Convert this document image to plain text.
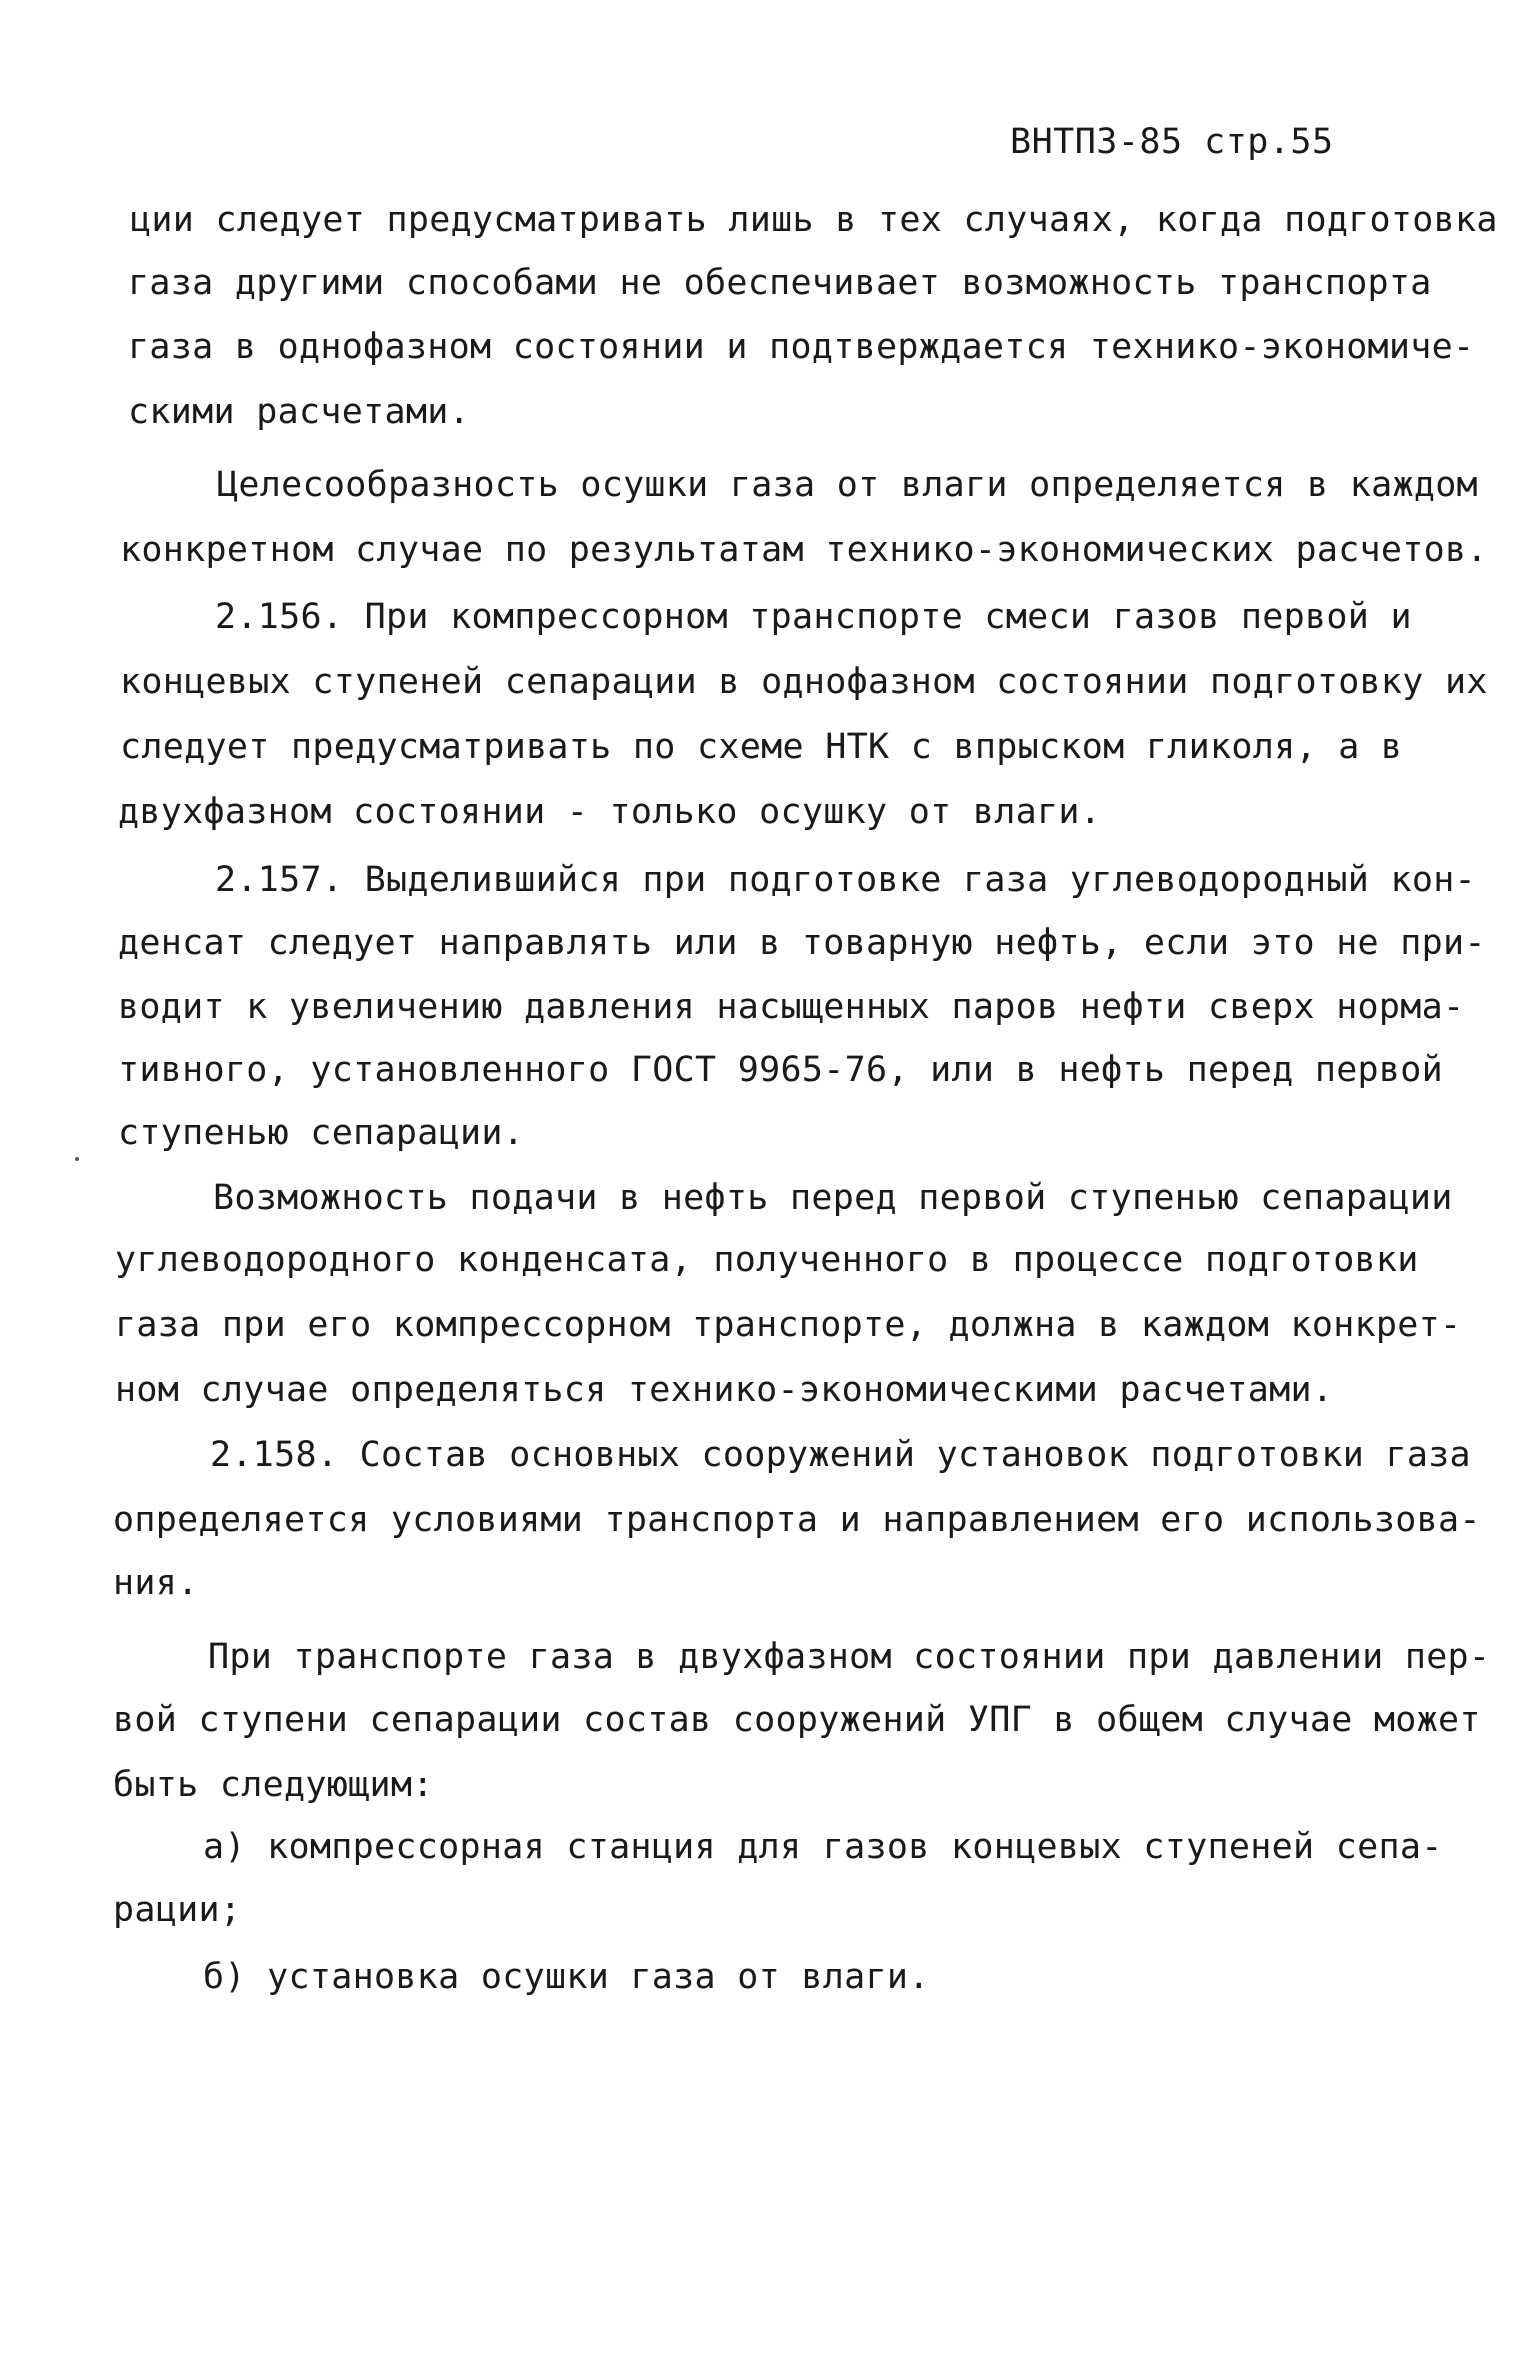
ВНТП3-85 стр.55
ции следует предусматривать лишь в тех случаях, когда подготовка
газа другими способами не обеспечивает возможность транспорта
газа в однофазном состоянии и подтверждается технико-экономиче-
скими расчетами.
Целесообразность осушки газа от влаги определяется в каждом
конкретном случае по результатам технико-экономических расчетов.
2.156. При компрессорном транспорте смеси газов первой и
концевых ступеней сепарации в однофазном состоянии подготовку их
следует предусматривать по схеме НТК с впрыском гликоля, а в
двухфазном состоянии - только осушку от влаги.
2.157. Выделившийся при подготовке газа углеводородный кон-
денсат следует направлять или в товарную нефть, если это не при-
водит к увеличению давления насыщенных паров нефти сверх норма-
тивного, установленного ГОСТ 9965-76, или в нефть перед первой
ступенью сепарации.
Возможность подачи в нефть перед первой ступенью сепарации
углеводородного конденсата, полученного в процессе подготовки
газа при его компрессорном транспорте, должна в каждом конкрет-
ном случае определяться технико-экономическими расчетами.
2.158. Состав основных сооружений установок подготовки газа
определяется условиями транспорта и направлением его использова-
ния.
При транспорте газа в двухфазном состоянии при давлении пер-
вой ступени сепарации состав сооружений УПГ в общем случае может
быть следующим:
а) компрессорная станция для газов концевых ступеней сепа-
рации;
б) установка осушки газа от влаги.
